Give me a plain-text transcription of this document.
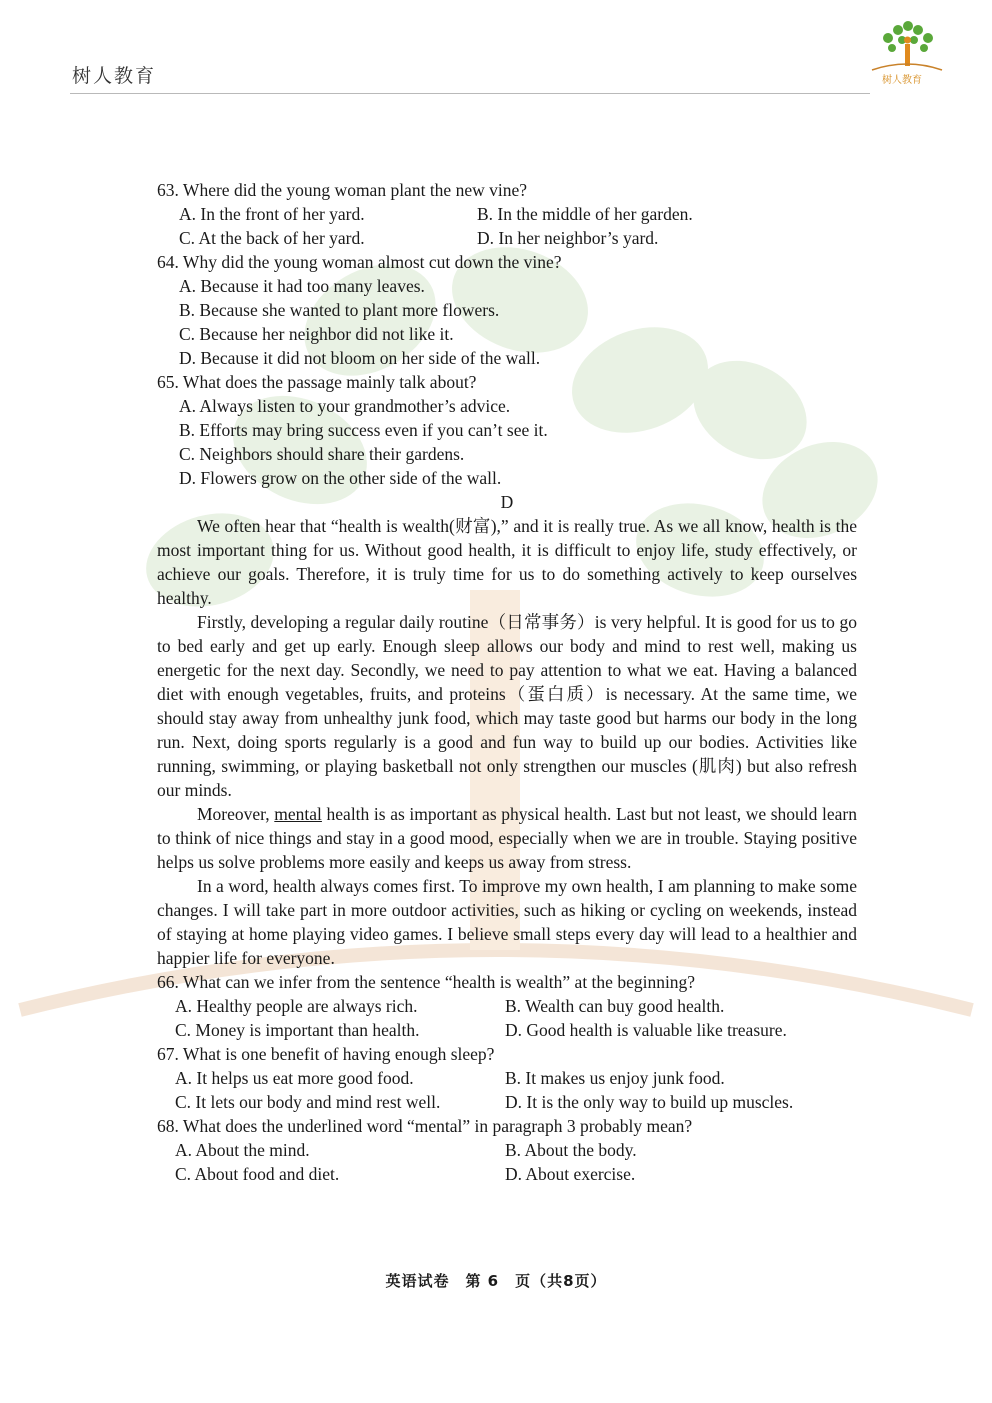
树人教育	树人教育

63. Where did the young woman plant the new vine?

A. In the front of her yard.	B. In the middle of her garden.

C. At the back of her yard.	D. In her neighbor’s yard.

64. Why did the young woman almost cut down the vine?

A. Because it had too many leaves.

B. Because she wanted to plant more flowers.

C. Because her neighbor did not like it.

D. Because it did not bloom on her side of the wall.

65. What does the passage mainly talk about?

A. Always listen to your grandmother’s advice.

B. Efforts may bring success even if you can’t see it.

C. Neighbors should share their gardens.

D. Flowers grow on the other side of the wall.

D

We often hear that “health is wealth(财富),” and it is really true. As we all know, health is the most important thing for us. Without good health, it is difficult to enjoy life, study effectively, or achieve our goals. Therefore, it is truly time for us to do something actively to keep ourselves healthy.

Firstly, developing a regular daily routine（日常事务）is very helpful. It is good for us to go to bed early and get up early. Enough sleep allows our body and mind to rest well, making us energetic for the next day. Secondly, we need to pay attention to what we eat. Having a balanced diet with enough vegetables, fruits, and proteins（蛋白质）is necessary. At the same time, we should stay away from unhealthy junk food, which may taste good but harms our body in the long run. Next, doing sports regularly is a good and fun way to build up our bodies. Activities like running, swimming, or playing basketball not only strengthen our muscles (肌肉) but also refresh our minds.

Moreover, mental health is as important as physical health. Last but not least, we should learn to think of nice things and stay in a good mood, especially when we are in trouble. Staying positive helps us solve problems more easily and keeps us away from stress.

In a word, health always comes first. To improve my own health, I am planning to make some changes. I will take part in more outdoor activities, such as hiking or cycling on weekends, instead of staying at home playing video games. I believe small steps every day will lead to a healthier and happier life for everyone.

66. What can we infer from the sentence “health is wealth” at the beginning?

A. Healthy people are always rich.	B. Wealth can buy good health.

C. Money is important than health.	D. Good health is valuable like treasure.

67. What is one benefit of having enough sleep?

A. It helps us eat more good food.	B. It makes us enjoy junk food.

C. It lets our body and mind rest well.	D. It is the only way to build up muscles.

68. What does the underlined word “mental” in paragraph 3 probably mean?

A. About the mind.	B. About the body.

C. About food and diet.	D. About exercise.

英语试卷　第 6　页（共8页）
